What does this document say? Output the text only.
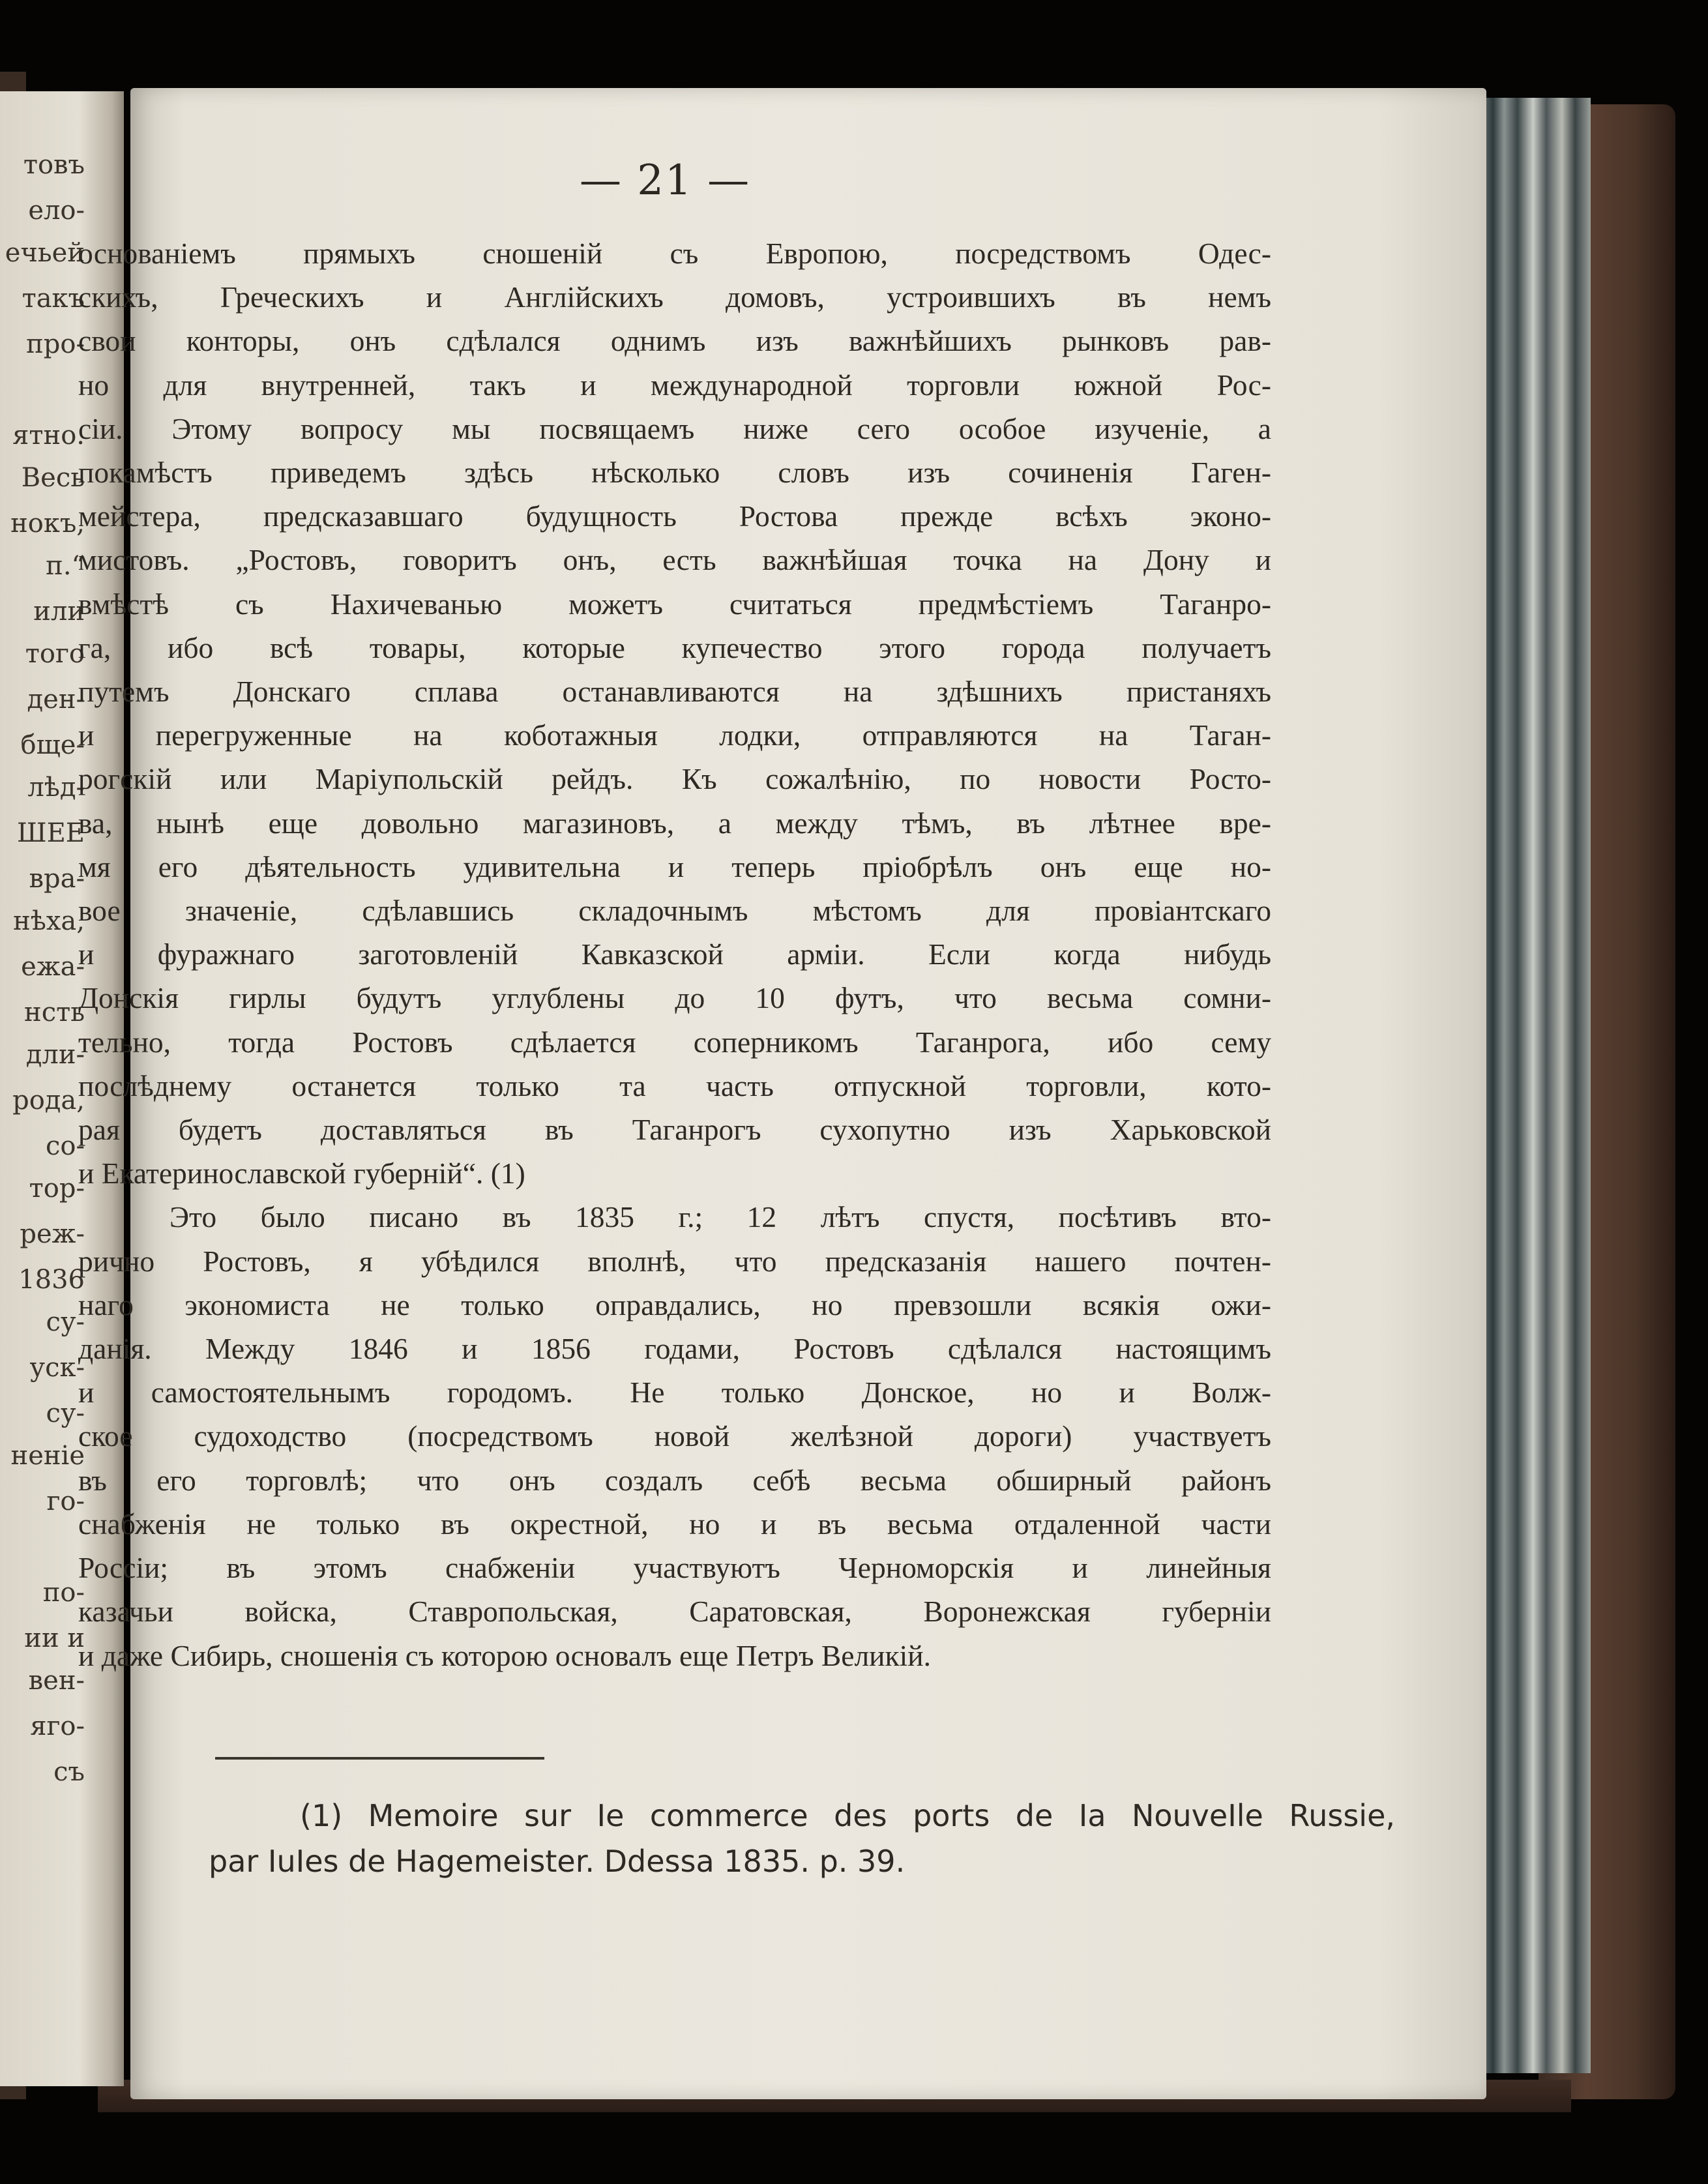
товъ

елo-

ечьей

такъ

про-

ятно.

Весь

нокъ,

п.“

или

того

ден-

бще-

лѣд-

ШЕЕ

вра-

нѣха,

ежа-

нсть

дли-

рода,

со-

тор-

реж-

1836

су-

уск-

су-

ненie

го-

по-

ии и

вен-

яго-

съ

— 21 —

основанieмъ прямыхъ сношенiй съ Европою, посредствомъ Одес-

скихъ, Греческихъ и Англiйскихъ домовъ, устроившихъ въ немъ

свои конторы, онъ сдѣлался однимъ изъ важнѣйшихъ рынковъ рав-

но для внутренней, такъ и международной торговли южной Рос-

сiи. Этому вопросу мы посвящаемъ ниже сего особое изученiе, а

покамѣстъ приведемъ здѣсь нѣсколько словъ изъ сочиненiя Гаген-

мейстера, предсказавшаго будущность Ростова прежде всѣхъ эконо-

мистовъ. „Ростовъ, говоритъ онъ, есть важнѣйшая точка на Дону и

вмѣстѣ съ Нахичеванью можетъ считаться предмѣстiемъ Таганро-

га, ибо всѣ товары, которые купечество этого города получаетъ

путемъ Донскаго сплава останавливаются на здѣшнихъ пристаняхъ

и перегруженные на коботажныя лодки, отправляются на Таган-

рогскiй или Марiупольскiй рейдъ. Къ сожалѣнiю, по новости Росто-

ва, нынѣ еще довольно магазиновъ, а между тѣмъ, въ лѣтнее вре-

мя его дѣятельность удивительна и теперь прiобрѣлъ онъ еще но-

вое значенiе, сдѣлавшись складочнымъ мѣстомъ для провiантскаго

и фуражнаго заготовленiй Кавказской армiи. Если когда нибудь

Донскiя гирлы будутъ углублены до 10 футъ, что весьма сомни-

тельно, тогда Ростовъ сдѣлается соперникомъ Таганрога, ибо сему

послѣднему останется только та часть отпускной торговли, кото-

рая будетъ доставляться въ Таганрогъ сухопутно изъ Харьковской

и Екатеринославской губернiй“. (1)

Это было писано въ 1835 г.; 12 лѣтъ спустя, посѣтивъ вто-

рично Ростовъ, я убѣдился вполнѣ, что предсказанiя нашего почтен-

наго экономиста не только оправдались, но превзошли всякiя ожи-

данiя. Между 1846 и 1856 годами, Ростовъ сдѣлался настоящимъ

и самостоятельнымъ городомъ. Не только Донское, но и Волж-

ское судоходство (посредствомъ новой желѣзной дороги) участвуетъ

въ его торговлѣ; что онъ создалъ себѣ весьма обширный районъ

снабженiя не только въ окрестной, но и въ весьма отдаленной части

Россiи; въ этомъ снабженiи участвуютъ Черноморскiя и линейныя

казачьи войска, Ставропольская, Саратовская, Воронежская губернiи

и даже Сибирь, сношенiя съ которою основалъ еще Петръ Великiй.

(1) Memoire sur Ie commerce des ports de Ia NouveIle Russie,

par IuIes de Hagemeister. Ddessa 1835. p. 39.
